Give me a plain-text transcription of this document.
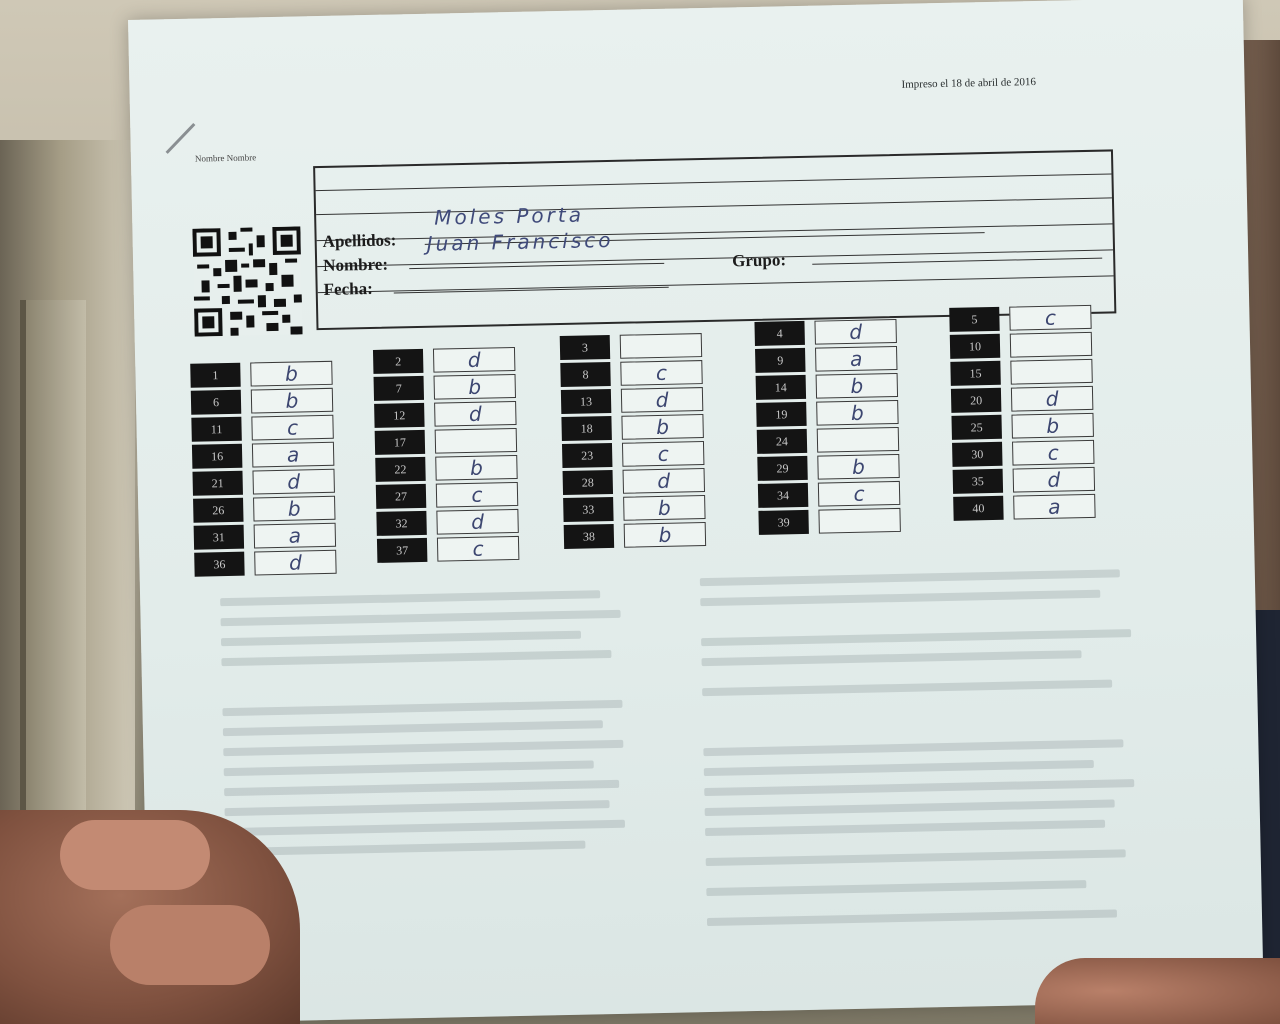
Nombre Nombre
Impreso el 18 de abril de 2016
Apellidos:
Moles Porta
Nombre:
Juan Francisco
Fecha:
Grupo:
1	b
6	b
11	c
16	a
21	d
26	b
31	a
36	d
2	d
7	b
12	d
17
22	b
27	c
32	d
37	c
3
8	c
13	d
18	b
23	c
28	d
33	b
38	b
4	d
9	a
14	b
19	b
24
29	b
34	c
39
5	c
10
15
20	d
25	b
30	c
35	d
40	a
